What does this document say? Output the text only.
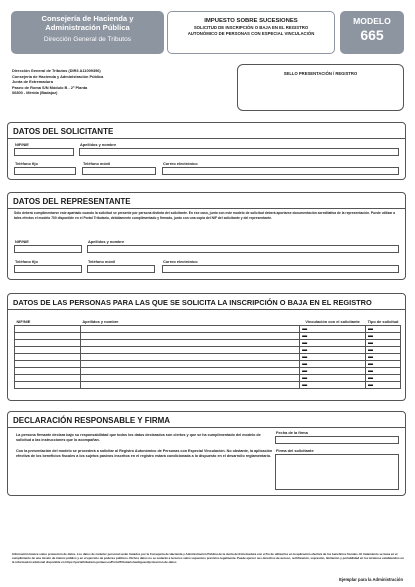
Consejería de Hacienda y
Administración Pública
Dirección General de Tributos
IMPUESTO SOBRE SUCESIONES
SOLICITUD DE INSCRIPCIÓN O BAJA EN EL REGISTRO
AUTONÓMICO DE PERSONAS CON ESPECIAL VINCULACIÓN
MODELO
665
Dirección General de Tributos (DIR3 A11009396)
Consejería de Hacienda y Administración Pública
Junta de Extremadura
Paseo de Roma S/N Módulo B - 2ª Planta
06800 - Mérida (Badajoz)
SELLO PRESENTACIÓN / REGISTRO
DATOS DEL SOLICITANTE
NIF/NIE	Apellidos y nombre
Teléfono fijo	Teléfono móvil	Correo electrónico
DATOS DEL REPRESENTANTE
Sólo deberá cumplimentarse este apartado cuando la solicitud se presente por persona distinta del solicitante. En ese caso, junto con este modelo de solicitud deberá aportarse documentación acreditativa de la representación. Puede utilizar a tales efectos el modelo 700 disponible en el Portal Tributario, debidamente cumplimentado y firmado, junto con una copia del NIF del solicitante y del representante.
NIF/NIE	Apellidos y nombre
Teléfono fijo	Teléfono móvil	Correo electrónico
DATOS DE LAS PERSONAS PARA LAS QUE SE SOLICITA LA INSCRIPCIÓN O BAJA EN EL REGISTRO
NIF/NIE	Apellidos y nombre	Vinculación con el solicitante	Tipo de solicitud
		▬	▬
		▬	▬
		▬	▬
		▬	▬
		▬	▬
		▬	▬
		▬	▬
		▬	▬
		▬	▬
DECLARACIÓN RESPONSABLE Y FIRMA
La persona firmante declara bajo su responsabilidad que todos los datos declarados son ciertos y que se ha cumplimentado del modelo de solicitud a las instrucciones que lo acompañan.
Con la presentación del modelo se procederá a solicitar al Registro Autonómico de Personas con Especial Vinculación. No obstante, la aplicación efectiva de los beneficios fiscales a los sujetos pasivos inscritos en el registro estará condicionada a lo dispuesto en el desarrollo reglamentario.
Fecha de la firma
Firma del solicitante
Información básica sobre protección de datos. Los datos de carácter personal serán tratados por la Consejería de Hacienda y Administración Pública de la Junta de Extremadura con el fin de utilizarlos en la aplicación efectiva de los beneficios fiscales. El tratamiento se basa en el cumplimiento de una misión de interés público y en el ejercicio de poderes públicos. Dichos datos no se cederán a terceros salvo supuestos previstos legalmente. Puede ejercer sus derechos de acceso, rectificación, supresión, limitación y portabilidad en los términos establecidos en la información adicional disponible en https://portaltributario.juntaex.es/PortalTributario/web/guest/proteccion-de-datos
Ejemplar para la Administración
